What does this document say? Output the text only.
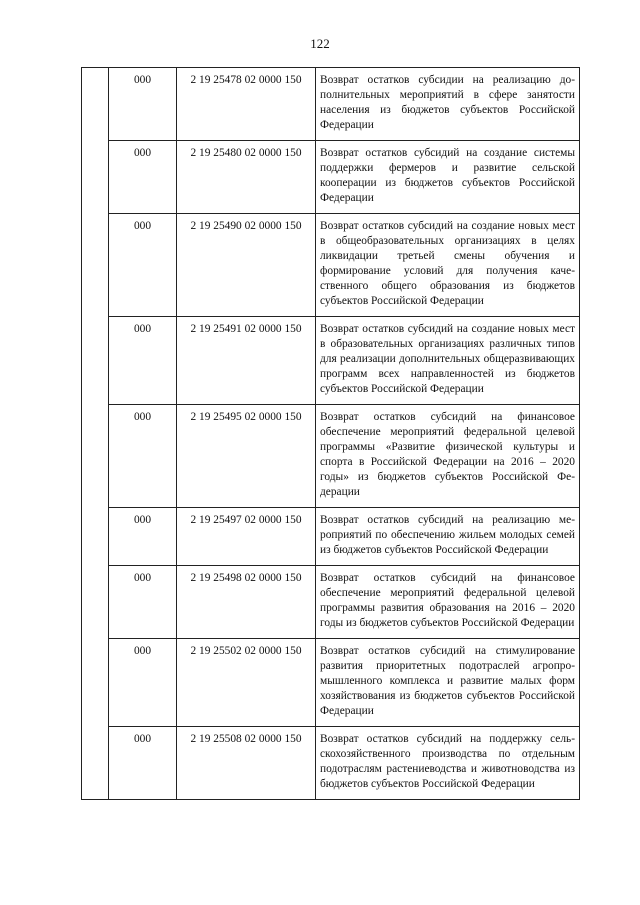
122
	000	2 19 25478 02 0000 150	Возврат остатков субсидии на реализацию дополнительных мероприятий в сфере занятости населения из бюджетов субъектов Российской Федерации
	000	2 19 25480 02 0000 150	Возврат остатков субсидий на создание системы поддержки фермеров и развитие сельской кооперации из бюджетов субъектов Российской Федерации
	000	2 19 25490 02 0000 150	Возврат остатков субсидий на создание новых мест в общеобразовательных организациях в целях ликвидации третьей смены обучения и формирование условий для получения качественного общего образования из бюджетов субъектов Российской Федерации
	000	2 19 25491 02 0000 150	Возврат остатков субсидий на создание новых мест в образовательных организациях различных типов для реализации дополнительных общеразвивающих программ всех направленностей из бюджетов субъектов Российской Федерации
	000	2 19 25495 02 0000 150	Возврат остатков субсидий на финансовое обеспечение мероприятий федеральной целевой программы «Развитие физической культуры и спорта в Российской Федерации на 2016 – 2020 годы» из бюджетов субъектов Российской Федерации
	000	2 19 25497 02 0000 150	Возврат остатков субсидий на реализацию мероприятий по обеспечению жильем молодых семей из бюджетов субъектов Российской Федерации
	000	2 19 25498 02 0000 150	Возврат остатков субсидий на финансовое обеспечение мероприятий федеральной целевой программы развития образования на 2016 – 2020 годы из бюджетов субъектов Российской Федерации
	000	2 19 25502 02 0000 150	Возврат остатков субсидий на стимулирование развития приоритетных подотраслей агропромышленного комплекса и развитие малых форм хозяйствования из бюджетов субъектов Российской Федерации
	000	2 19 25508 02 0000 150	Возврат остатков субсидий на поддержку сельскохозяйственного производства по отдельным подотраслям растениеводства и животноводства из бюджетов субъектов Российской Федерации
